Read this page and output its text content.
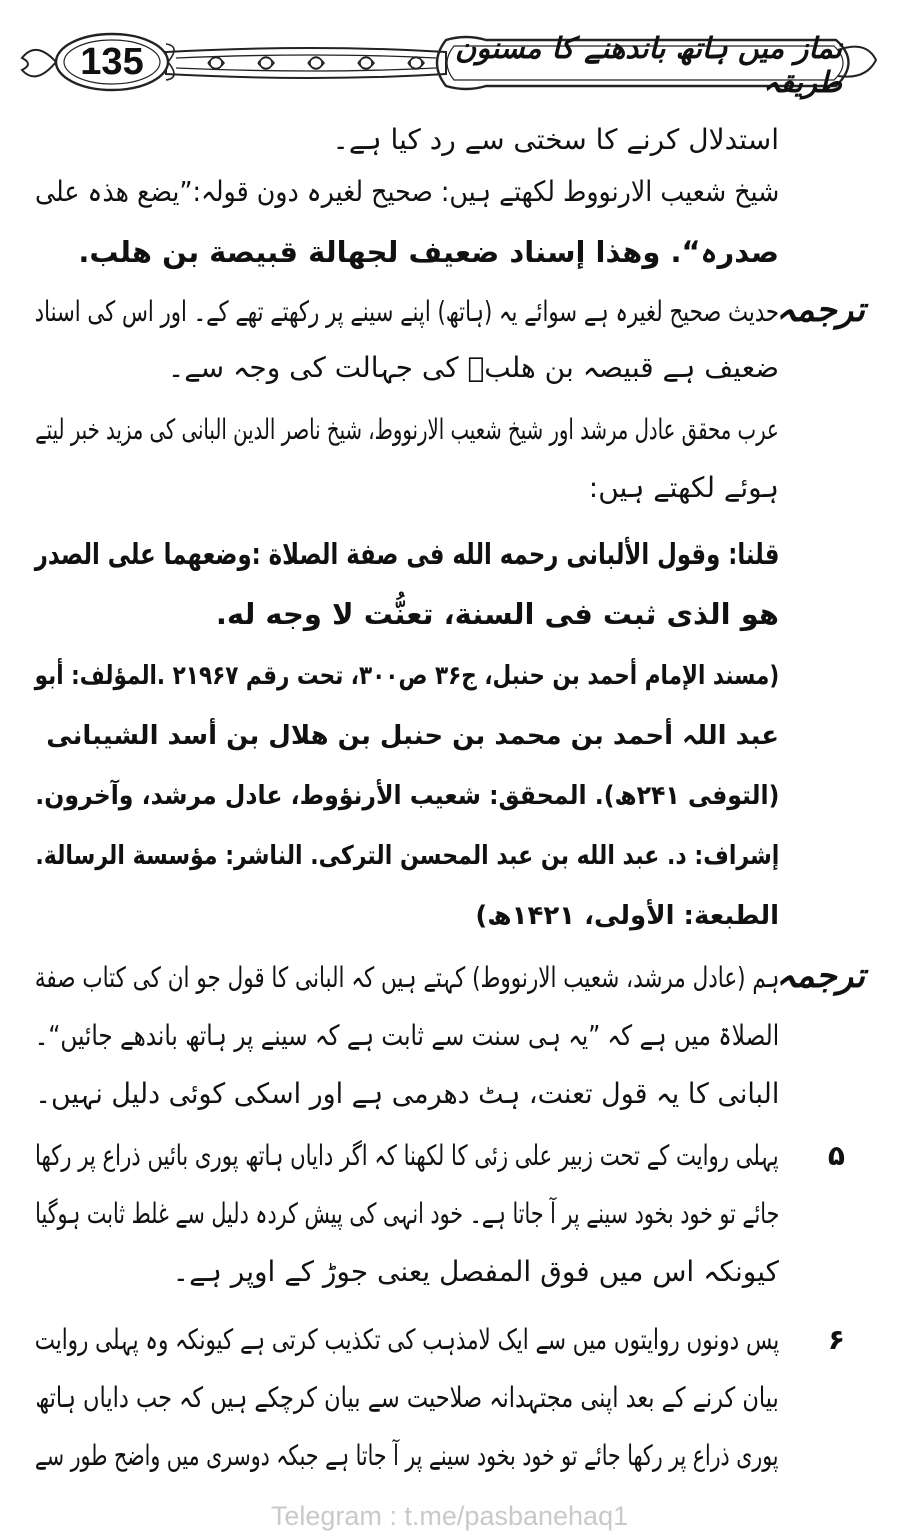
135	نماز میں ہاتھ باندھنے کا مسنون طریقہ
استدلال کرنے کا سختی سے رد کیا ہے۔
شیخ شعیب الارنووط لکھتے ہیں: صحیح لغیرہ دون قولہ:”یضع هذہ علی
صدرہ“. وهذا إسناد ضعیف لجهالة قبیصة بن هلب.
ترجمہ
حدیث صحیح لغیرہ ہے سوائے یہ (ہاتھ) اپنے سینے پر رکھتے تھے کے۔ اور اس کی اسناد
ضعیف ہے قبیصہ بن هلبؓ کی جہالت کی وجہ سے۔
عرب محقق عادل مرشد اور شیخ شعیب الارنووط، شیخ ناصر الدین البانی کی مزید خبر لیتے
ہوئے لکھتے ہیں:
قلنا: وقول الألبانی رحمه الله فی صفة الصلاة :وضعهما علی الصدر
هو الذی ثبت فی السنة، تعنُّت لا وجه له.
(مسند الإمام أحمد بن حنبل، ج۳۶ ص۳۰۰، تحت رقم ۲۱۹۶۷ .المؤلف: أبو
عبد اللہ أحمد بن محمد بن حنبل بن هلال بن أسد الشیبانی
(التوفی ۲۴۱ھ). المحقق: شعیب الأرنؤوط، عادل مرشد، وآخرون.
إشراف: د. عبد الله بن عبد المحسن الترکی. الناشر: مؤسسة الرسالة.
الطبعة: الأولی، ۱۴۲۱ھ)
ترجمہ
ہم (عادل مرشد، شعیب الارنووط) کہتے ہیں کہ البانی کا قول جو ان کی کتاب صفة
الصلاۃ میں ہے کہ ”یہ ہی سنت سے ثابت ہے کہ سینے پر ہاتھ باندھے جائیں“۔
البانی کا یہ قول تعنت، ہٹ دھرمی ہے اور اسکی کوئی دلیل نہیں۔
۵
پہلی روایت کے تحت زبیر علی زئی کا لکھنا کہ اگر دایاں ہاتھ پوری بائیں ذراع پر رکھا
جائے تو خود بخود سینے پر آ جاتا ہے۔ خود انہی کی پیش کردہ دلیل سے غلط ثابت ہوگیا
کیونکہ اس میں فوق المفصل یعنی جوڑ کے اوپر ہے۔
۶
پس دونوں روایتوں میں سے ایک لامذہب کی تکذیب کرتی ہے کیونکہ وہ پہلی روایت
بیان کرنے کے بعد اپنی مجتہدانہ صلاحیت سے بیان کرچکے ہیں کہ جب دایاں ہاتھ
پوری ذراع پر رکھا جائے تو خود بخود سینے پر آ جاتا ہے جبکہ دوسری میں واضح طور سے
Telegram : t.me/pasbanehaq1
